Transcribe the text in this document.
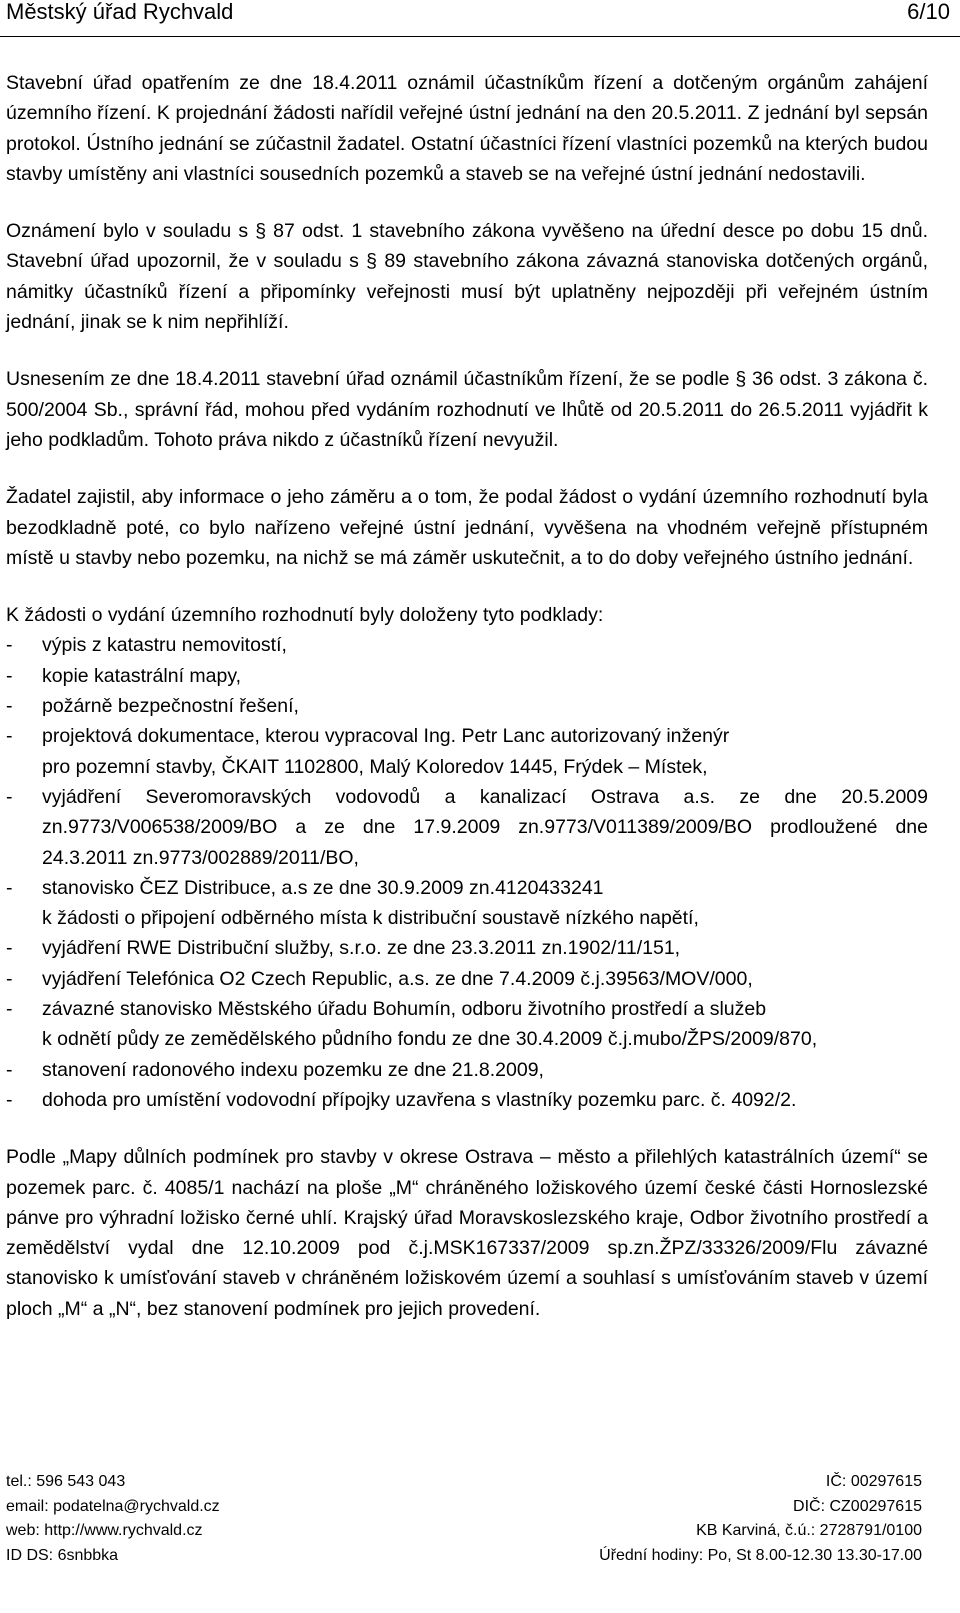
Městský úřad Rychvald	6/10

Stavební úřad opatřením ze dne 18.4.2011 oznámil účastníkům řízení a dotčeným orgánům zahájení územního řízení. K projednání žádosti nařídil veřejné ústní jednání na den 20.5.2011. Z jednání byl sepsán protokol. Ústního jednání se zúčastnil žadatel. Ostatní účastníci řízení vlastníci pozemků na kterých budou stavby umístěny ani vlastníci sousedních pozemků a staveb se na veřejné ústní jednání nedostavili.

Oznámení bylo v souladu s § 87 odst. 1 stavebního zákona vyvěšeno na úřední desce po dobu 15 dnů. Stavební úřad upozornil, že v souladu s § 89 stavebního zákona závazná stanoviska dotčených orgánů, námitky účastníků řízení a připomínky veřejnosti musí být uplatněny nejpozději při veřejném ústním jednání, jinak se k nim nepřihlíží.

Usnesením ze dne 18.4.2011 stavební úřad oznámil účastníkům řízení, že se podle § 36 odst. 3 zákona č. 500/2004 Sb., správní řád, mohou před vydáním rozhodnutí ve lhůtě od 20.5.2011 do 26.5.2011 vyjádřit k jeho podkladům. Tohoto práva nikdo z účastníků řízení nevyužil.

Žadatel zajistil, aby informace o jeho záměru a o tom, že podal žádost o vydání územního rozhodnutí byla bezodkladně poté, co bylo nařízeno veřejné ústní jednání, vyvěšena na vhodném veřejně přístupném místě u stavby nebo pozemku, na nichž se má záměr uskutečnit, a to do doby veřejného ústního jednání.

K žádosti o vydání územního rozhodnutí byly doloženy tyto podklady:

- výpis z katastru nemovitostí,
- kopie katastrální mapy,
- požárně bezpečnostní řešení,
- projektová dokumentace, kterou vypracoval Ing. Petr Lanc autorizovaný inženýr
pro pozemní stavby, ČKAIT 1102800, Malý Koloredov 1445, Frýdek – Místek,
- vyjádření Severomoravských vodovodů a kanalizací Ostrava a.s. ze dne 20.5.2009 zn.9773/V006538/2009/BO a ze dne 17.9.2009 zn.9773/V011389/2009/BO prodloužené dne 24.3.2011 zn.9773/002889/2011/BO,
- stanovisko ČEZ Distribuce, a.s ze dne 30.9.2009 zn.4120433241
k žádosti o připojení odběrného místa k distribuční soustavě nízkého napětí,
- vyjádření RWE Distribuční služby, s.r.o. ze dne 23.3.2011 zn.1902/11/151,
- vyjádření Telefónica O2 Czech Republic, a.s. ze dne 7.4.2009 č.j.39563/MOV/000,
- závazné stanovisko Městského úřadu Bohumín, odboru životního prostředí a služeb
k odnětí půdy ze zemědělského půdního fondu ze dne 30.4.2009 č.j.mubo/ŽPS/2009/870,
- stanovení radonového indexu pozemku ze dne 21.8.2009,
- dohoda pro umístění vodovodní přípojky uzavřena s vlastníky pozemku parc. č. 4092/2.

Podle „Mapy důlních podmínek pro stavby v okrese Ostrava – město a přilehlých katastrálních území“ se pozemek parc. č. 4085/1 nachází na ploše „M“ chráněného ložiskového území české části Hornoslezské pánve pro výhradní ložisko černé uhlí. Krajský úřad Moravskoslezského kraje, Odbor životního prostředí a zemědělství vydal dne 12.10.2009 pod č.j.MSK167337/2009 sp.zn.ŽPZ/33326/2009/Flu závazné stanovisko k umísťování staveb v chráněném ložiskovém území a souhlasí s umísťováním staveb v území ploch „M“ a „N“, bez stanovení podmínek pro jejich provedení.

tel.: 596 543 043	IČ: 00297615
email: podatelna@rychvald.cz	DIČ: CZ00297615
web: http://www.rychvald.cz	KB Karviná, č.ú.: 2728791/0100
ID DS: 6snbbka	Úřední hodiny: Po, St 8.00-12.30 13.30-17.00
